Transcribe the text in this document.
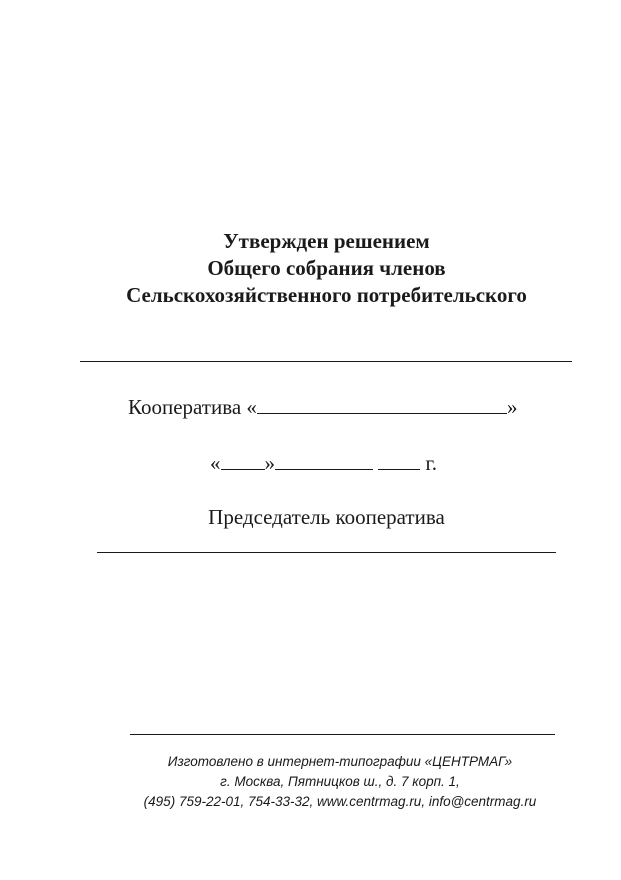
Утвержден решением
Общего собрания членов
Сельскохозяйственного потребительского
Кооператива «	»
« »	г.
Председатель кооператива
Изготовлено в интернет-типографии «ЦЕНТРМАГ»
г. Москва, Пятницков ш., д. 7 корп. 1,
(495) 759-22-01, 754-33-32, www.centrmag.ru, info@centrmag.ru
